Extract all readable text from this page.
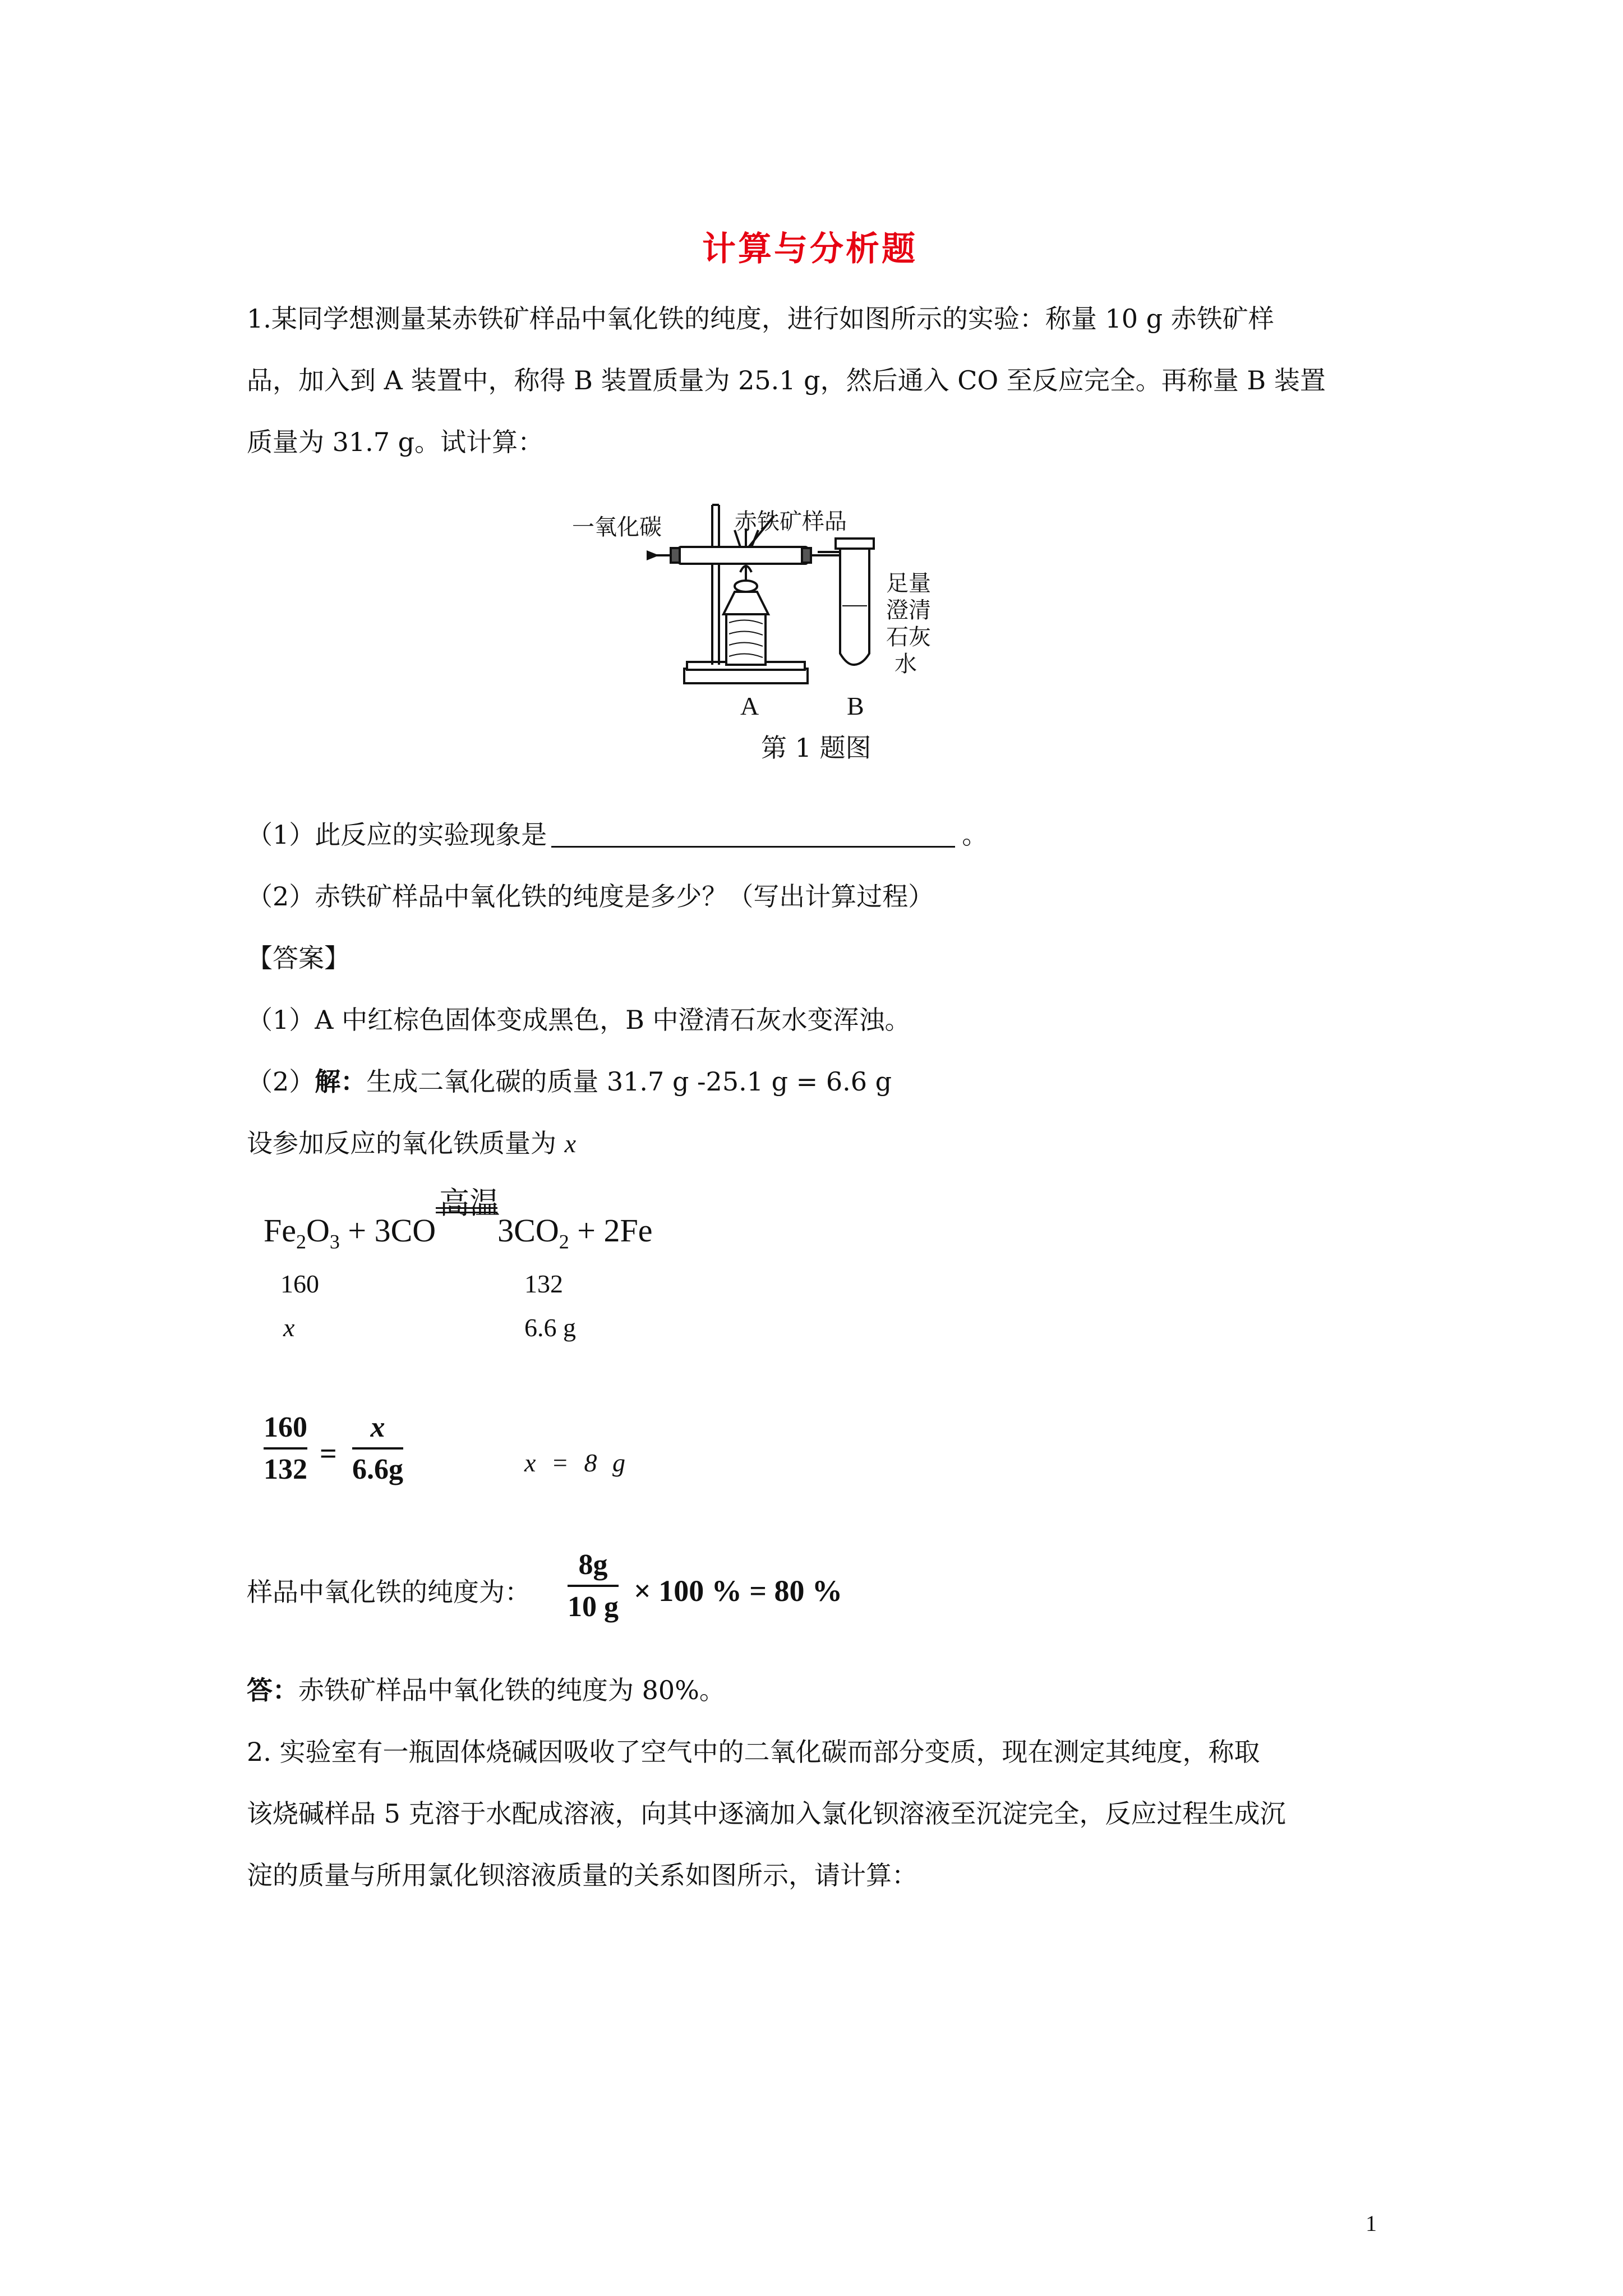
计算与分析题
1.某同学想测量某赤铁矿样品中氧化铁的纯度，进行如图所示的实验：称量 10 g 赤铁矿样
品，加入到 A 装置中，称得 B 装置质量为 25.1 g，然后通入 CO 至反应完全。再称量 B 装置
质量为 31.7 g。试计算：
一氧化碳	赤铁矿样品
足量
澄清
石灰
水
A	B
第 1 题图
（1）此反应的实验现象是	。
（2）赤铁矿样品中氧化铁的纯度是多少？（写出计算过程）
【答案】
（1）A 中红棕色固体变成黑色，B 中澄清石灰水变浑浊。
（2）解：生成二氧化碳的质量 31.7 g -25.1 g = 6.6 g
设参加反应的氧化铁质量为 x
$Fe_2O_3 + 3CO$
高温
$3CO_2 + 2Fe$
160	132
x	6.6 g
160
132 =
x
6.6g	x = 8 g
样品中氧化铁的纯度为：
8g
10 g × 100 % = 80 %
答：赤铁矿样品中氧化铁的纯度为 80%。
2. 实验室有一瓶固体烧碱因吸收了空气中的二氧化碳而部分变质，现在测定其纯度，称取
该烧碱样品 5 克溶于水配成溶液，向其中逐滴加入氯化钡溶液至沉淀完全，反应过程生成沉
淀的质量与所用氯化钡溶液质量的关系如图所示，请计算：
1
